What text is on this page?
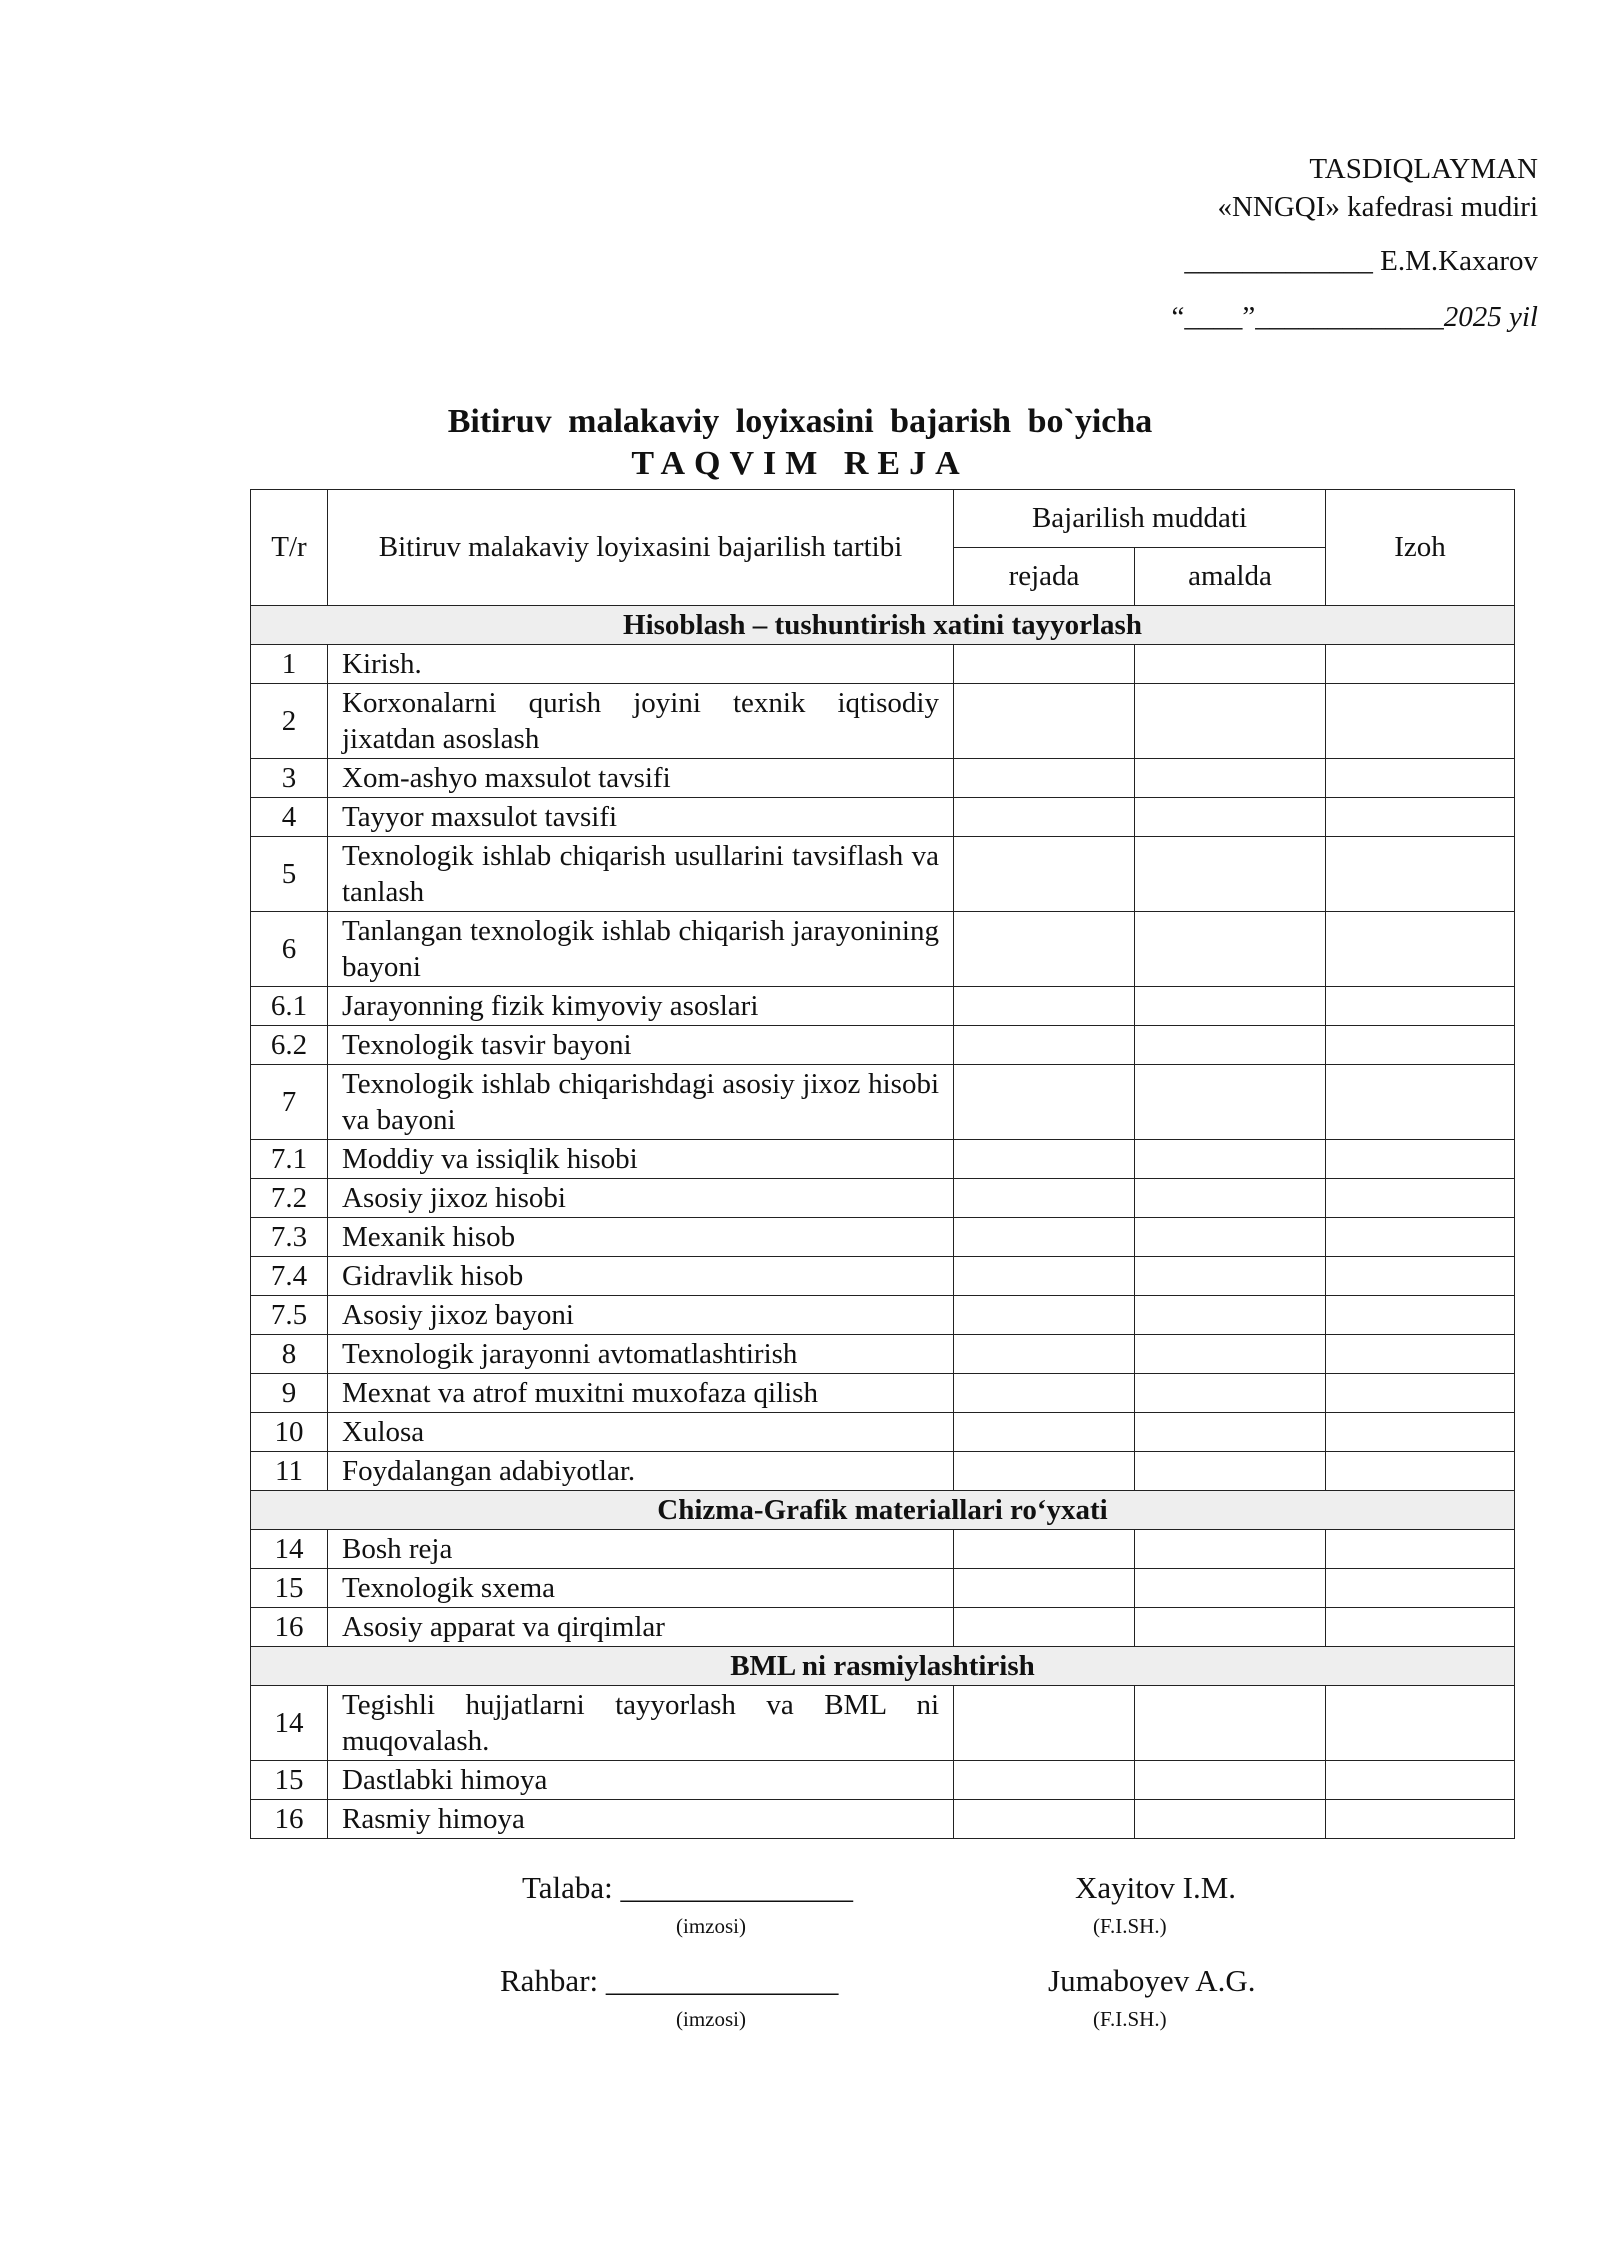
TASDIQLAYMAN
«NNGQI» kafedrasi mudiri
_____________ E.M.Kaxarov
“____”_____________2025 yil
Bitiruv malakaviy loyixasini bajarish bo`yicha
TAQVIM REJA
T/r	Bitiruv malakaviy loyixasini bajarilish tartibi	Bajarilish muddati		Izoh
		rejada	amalda	
Hisoblash – tushuntirish xatini tayyorlash				
1	Kirish.			
2	Korxonalarni qurish joyini texnik iqtisodiy jixatdan asoslash			
3	Xom-ashyo maxsulot tavsifi			
4	Tayyor maxsulot tavsifi			
5	Texnologik ishlab chiqarish usullarini tavsiflash va tanlash			
6	Tanlangan texnologik ishlab chiqarish jarayonining bayoni			
6.1	Jarayonning fizik kimyoviy asoslari			
6.2	Texnologik tasvir bayoni			
7	Texnologik ishlab chiqarishdagi asosiy jixoz hisobi va bayoni			
7.1	Moddiy va issiqlik hisobi			
7.2	Asosiy jixoz hisobi			
7.3	Mexanik hisob			
7.4	Gidravlik hisob			
7.5	Asosiy jixoz bayoni			
8	Texnologik jarayonni avtomatlashtirish			
9	Mexnat va atrof muxitni muxofaza qilish			
10	Xulosa			
11	Foydalangan adabiyotlar.			
Chizma-Grafik materiallari ro‘yxati				
14	Bosh reja			
15	Texnologik sxema			
16	Asosiy apparat va qirqimlar			
BML ni rasmiylashtirish				
14	Tegishli hujjatlarni tayyorlash va BML ni muqovalash.			
15	Dastlabki himoya			
16	Rasmiy himoya			
Talaba: _______________
(imzosi)
Xayitov I.M.
(F.I.SH.)
Rahbar: _______________
(imzosi)
Jumaboyev A.G.
(F.I.SH.)
